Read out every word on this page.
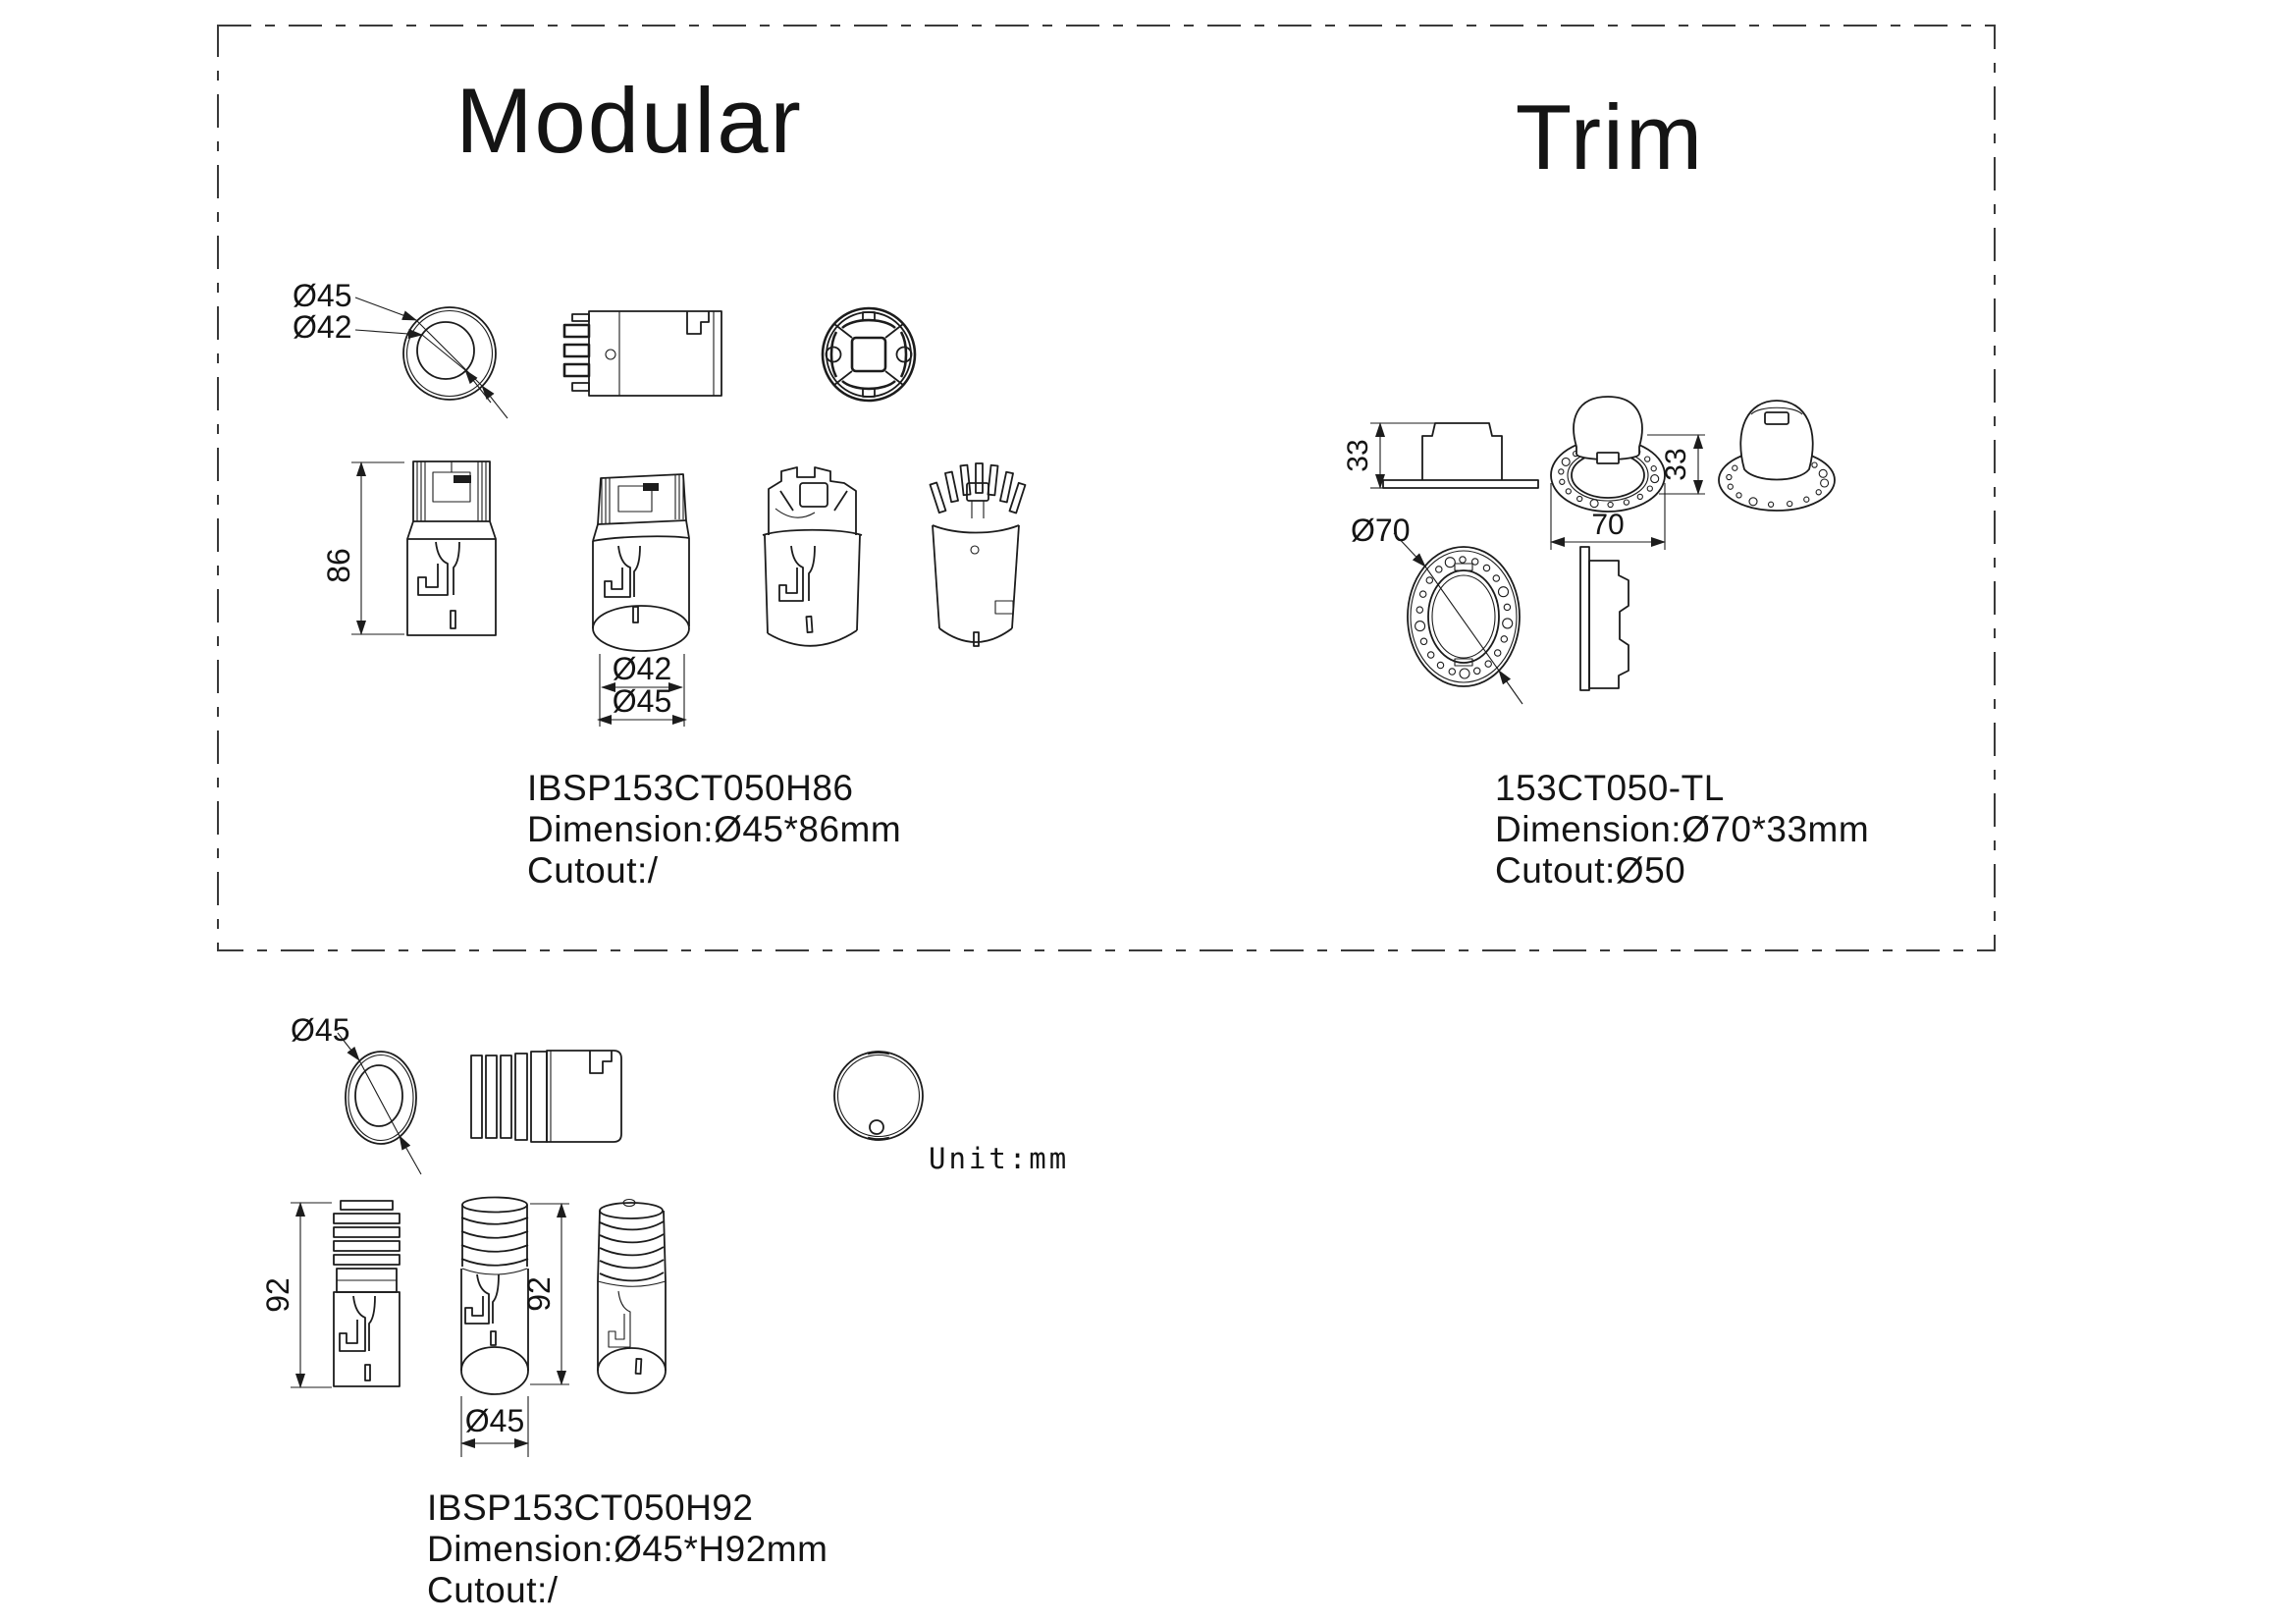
Modular	Trim
Ø45
Ø42
86
Ø42
Ø45
IBSP153CT050H86
Dimension:Ø45*86mm
Cutout:/
33	33
70
Ø70
153CT050-TL
Dimension:Ø70*33mm
Cutout:Ø50
Ø45
Unit:mm
92
Ø45
92
IBSP153CT050H92
Dimension:Ø45*H92mm
Cutout:/
